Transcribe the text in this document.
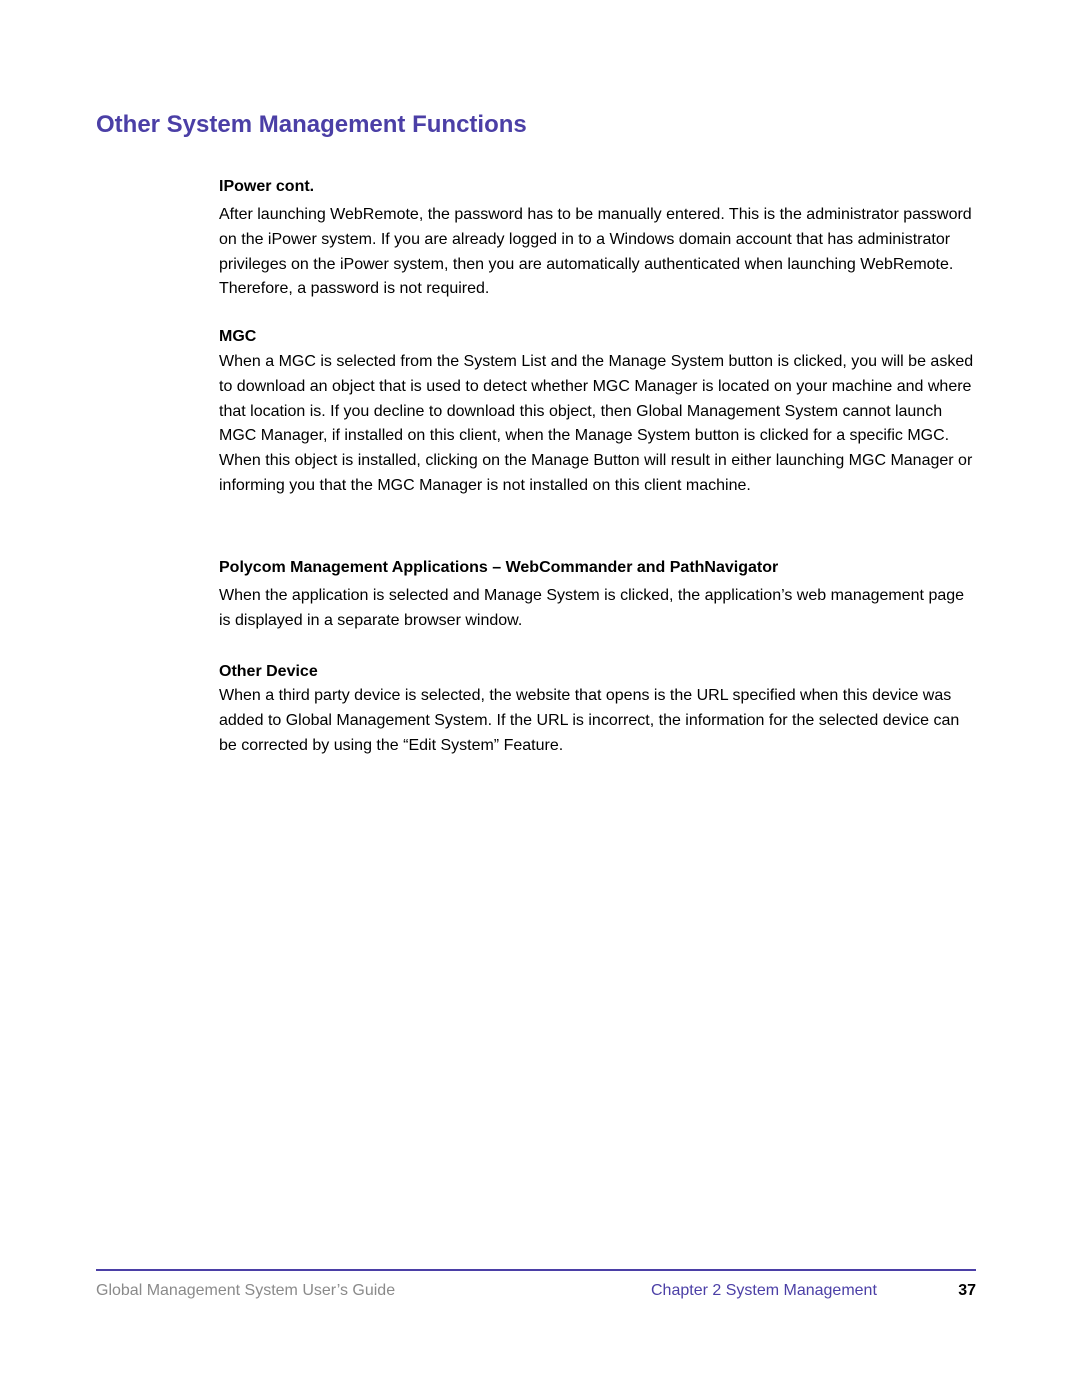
Other System Management Functions
IPower cont.

After launching WebRemote, the password has to be manually entered. This is the administrator password on the iPower system. If you are already logged in to a Windows domain account that has administrator privileges on the iPower system, then you are automatically authenticated when launching WebRemote. Therefore, a password is not required.

MGC

When a MGC is selected from the System List and the Manage System button is clicked, you will be asked to download an object that is used to detect whether MGC Manager is located on your machine and where that location is. If you decline to download this object, then Global Management System cannot launch MGC Manager, if installed on this client, when the Manage System button is clicked for a specific MGC. When this object is installed, clicking on the Manage Button will result in either launching MGC Manager or informing you that the MGC Manager is not installed on this client machine.

Polycom Management Applications – WebCommander and PathNavigator

When the application is selected and Manage System is clicked, the application’s web management page is displayed in a separate browser window.

Other Device

When a third party device is selected, the website that opens is the URL specified when this device was added to Global Management System. If the URL is incorrect, the information for the selected device can be corrected by using the “Edit System” Feature.

Global Management System User’s Guide	Chapter 2 System Management	37
